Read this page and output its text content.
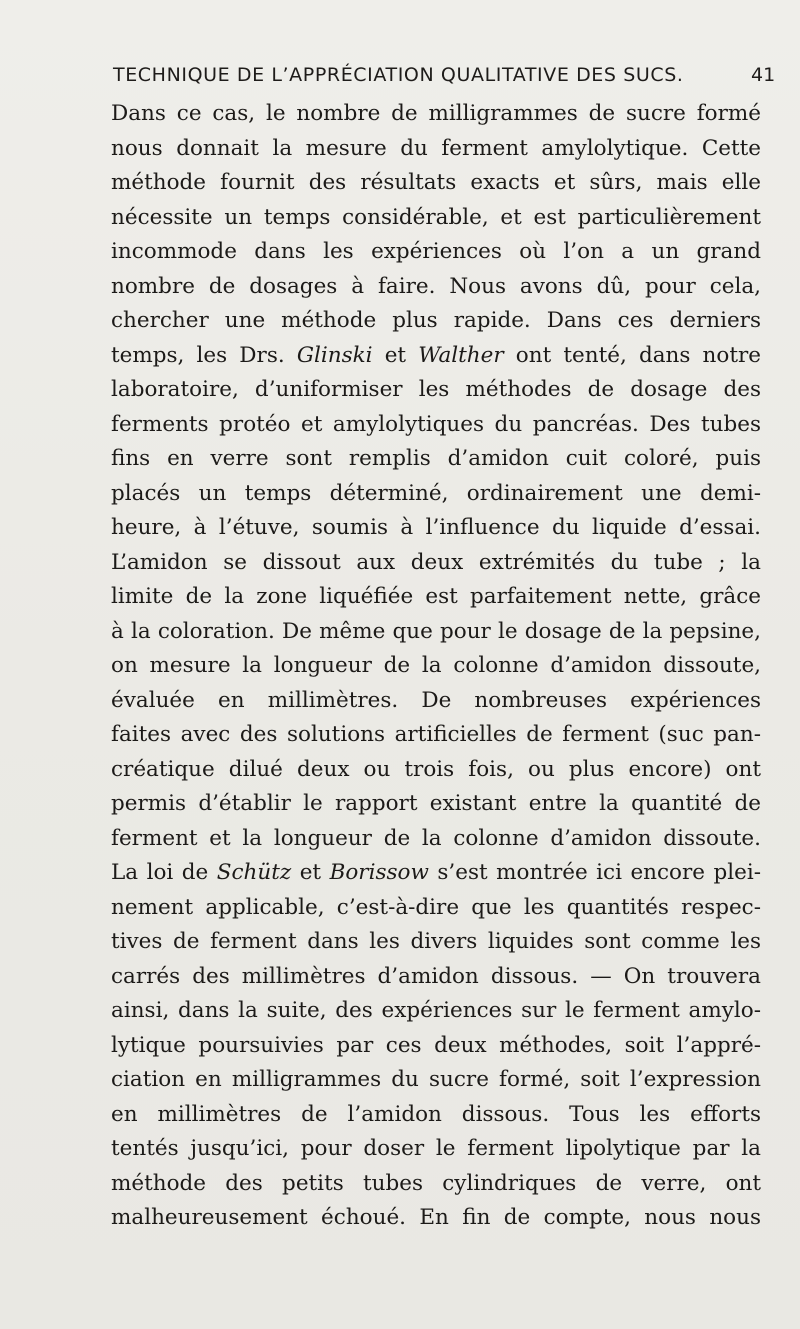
TECHNIQUE DE L’APPRÉCIATION QUALITATIVE DES SUCS.	41
Dans ce cas, le nombre de milligrammes de sucre formé
nous donnait la mesure du ferment amylolytique. Cette
méthode fournit des résultats exacts et sûrs, mais elle
nécessite un temps considérable, et est particulièrement
incommode dans les expériences où l’on a un grand
nombre de dosages à faire. Nous avons dû, pour cela,
chercher une méthode plus rapide. Dans ces derniers
temps, les Drs. Glinski et Walther ont tenté, dans notre
laboratoire, d’uniformiser les méthodes de dosage des
ferments protéo et amylolytiques du pancréas. Des tubes
fins en verre sont remplis d’amidon cuit coloré, puis
placés un temps déterminé, ordinairement une demi-
heure, à l’étuve, soumis à l’influence du liquide d’essai.
L’amidon se dissout aux deux extrémités du tube ; la
limite de la zone liquéfiée est parfaitement nette, grâce
à la coloration. De même que pour le dosage de la pepsine,
on mesure la longueur de la colonne d’amidon dissoute,
évaluée en millimètres. De nombreuses expériences
faites avec des solutions artificielles de ferment (suc pan-
créatique dilué deux ou trois fois, ou plus encore) ont
permis d’établir le rapport existant entre la quantité de
ferment et la longueur de la colonne d’amidon dissoute.
La loi de Schütz et Borissow s’est montrée ici encore plei-
nement applicable, c’est-à-dire que les quantités respec-
tives de ferment dans les divers liquides sont comme les
carrés des millimètres d’amidon dissous. — On trouvera
ainsi, dans la suite, des expériences sur le ferment amylo-
lytique poursuivies par ces deux méthodes, soit l’appré-
ciation en milligrammes du sucre formé, soit l’expression
en millimètres de l’amidon dissous. Tous les efforts
tentés jusqu’ici, pour doser le ferment lipolytique par la
méthode des petits tubes cylindriques de verre, ont
malheureusement échoué. En fin de compte, nous nous
